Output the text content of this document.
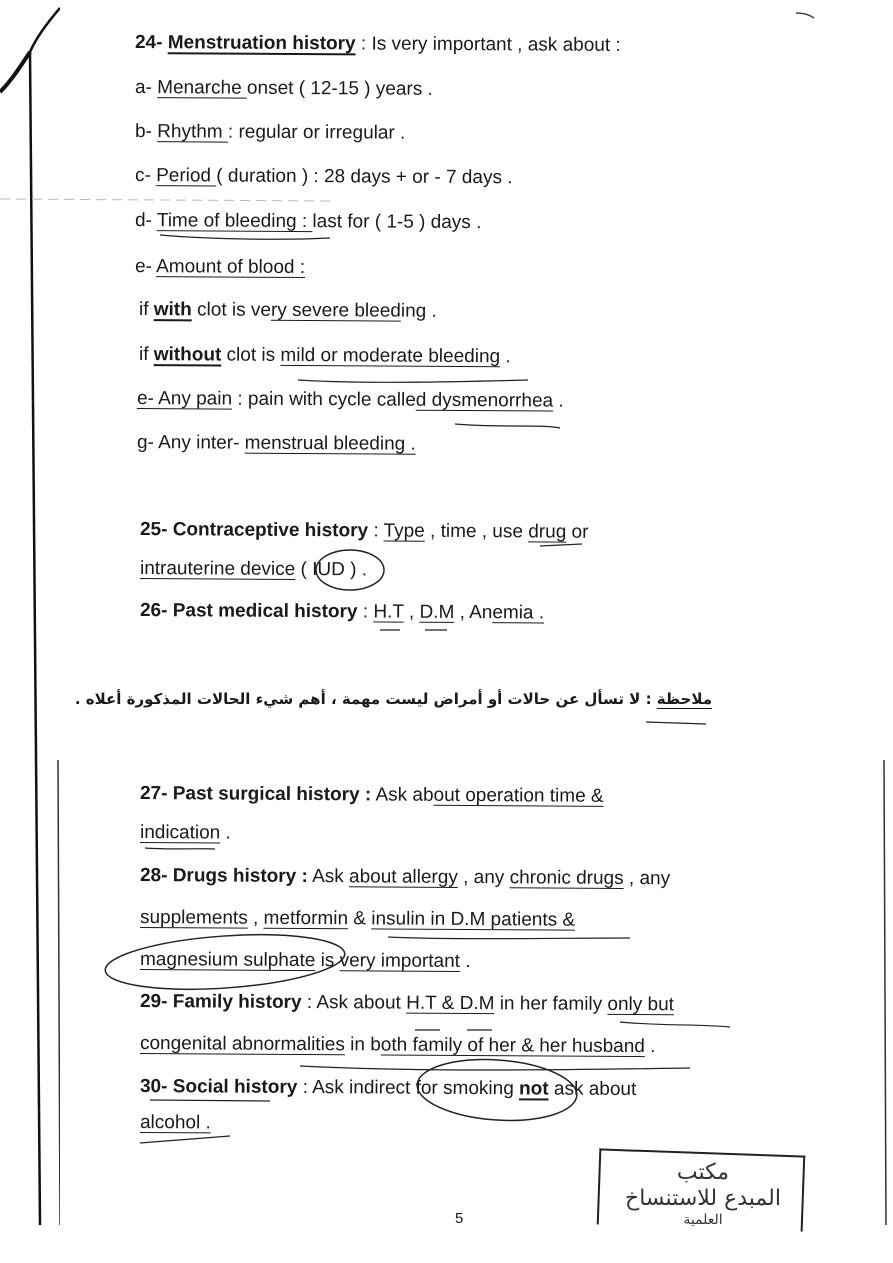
24- Menstruation history : Is very important , ask about :
a- Menarche onset ( 12-15 ) years .
b- Rhythm : regular or irregular .
c- Period ( duration ) : 28 days + or - 7 days .
d- Time of bleeding : last for ( 1-5 ) days .
e- Amount of blood :
if with clot is very severe bleeding .
if without clot is mild or moderate bleeding .
e- Any pain : pain with cycle called dysmenorrhea .
g- Any inter- menstrual bleeding .
25- Contraceptive history : Type , time , use drug or
intrauterine device ( IUD ) .
26- Past medical history : H.T , D.M , Anemia .
ملاحظة : لا تسأل عن حالات أو أمراض ليست مهمة ، أهم شيء الحالات المذكورة أعلاه .
27- Past surgical history : Ask about operation time &
indication .
28- Drugs history : Ask about allergy , any chronic drugs , any
supplements , metformin & insulin in D.M patients &
magnesium sulphate is very important .
29- Family history : Ask about H.T & D.M in her family only but
congenital abnormalities in both family of her & her husband .
30- Social history : Ask indirect for smoking not ask about
alcohol .
5
مكتب
المبدع للاستنساخ
العلمية
